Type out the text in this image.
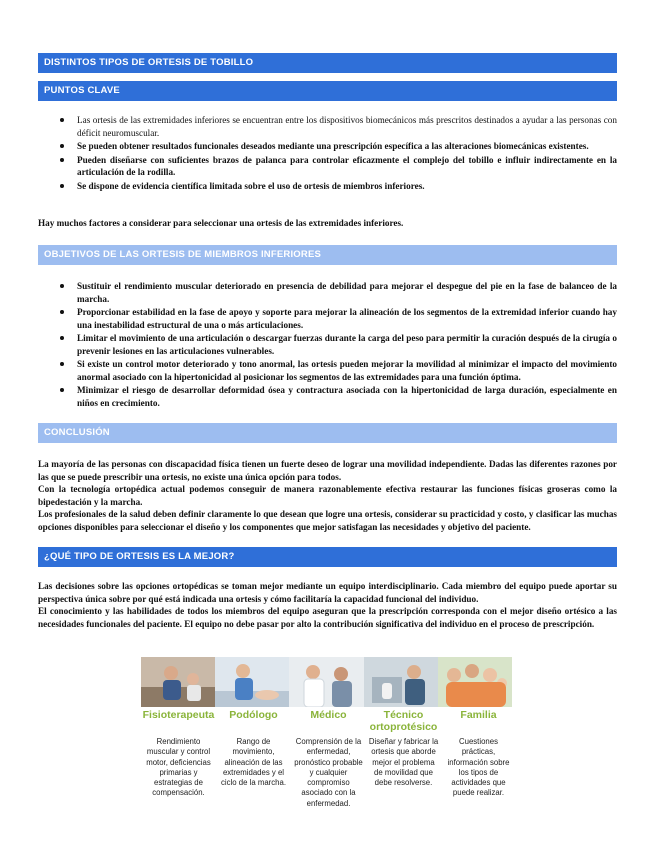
DISTINTOS TIPOS DE ORTESIS DE TOBILLO
PUNTOS CLAVE
Las ortesis de las extremidades inferiores se encuentran entre los dispositivos biomecánicos más prescritos destinados a ayudar a las personas con déficit neuromuscular.
Se pueden obtener resultados funcionales deseados mediante una prescripción específica a las alteraciones biomecánicas existentes.
Pueden diseñarse con suficientes brazos de palanca para controlar eficazmente el complejo del tobillo e influir indirectamente en la articulación de la rodilla.
Se dispone de evidencia científica limitada sobre el uso de ortesis de miembros inferiores.

Hay muchos factores a considerar para seleccionar una ortesis de las extremidades inferiores.

OBJETIVOS DE LAS ORTESIS DE MIEMBROS INFERIORES
Sustituir el rendimiento muscular deteriorado en presencia de debilidad para mejorar el despegue del pie en la fase de balanceo de la marcha.
Proporcionar estabilidad en la fase de apoyo y soporte para mejorar la alineación de los segmentos de la extremidad inferior cuando hay una inestabilidad estructural de una o más articulaciones.
Limitar el movimiento de una articulación o descargar fuerzas durante la carga del peso para permitir la curación después de la cirugía o prevenir lesiones en las articulaciones vulnerables.
Si existe un control motor deteriorado y tono anormal, las ortesis pueden mejorar la movilidad al minimizar el impacto del movimiento anormal asociado con la hipertonicidad al posicionar los segmentos de las extremidades para una función óptima.
Minimizar el riesgo de desarrollar deformidad ósea y contractura asociada con la hipertonicidad de larga duración, especialmente en niños en crecimiento.
CONCLUSIÓN

La mayoría de las personas con discapacidad física tienen un fuerte deseo de lograr una movilidad independiente. Dadas las diferentes razones por las que se puede prescribir una ortesis, no existe una única opción para todos.

Con la tecnología ortopédica actual podemos conseguir de manera razonablemente efectiva restaurar las funciones físicas groseras como la bipedestación y la marcha.

Los profesionales de la salud deben definir claramente lo que desean que logre una ortesis, considerar su practicidad y costo, y clasificar las muchas opciones disponibles para seleccionar el diseño y los componentes que mejor satisfagan las necesidades y objetivo del paciente.

¿QUÉ TIPO DE ORTESIS ES LA MEJOR?

Las decisiones sobre las opciones ortopédicas se toman mejor mediante un equipo interdisciplinario. Cada miembro del equipo puede aportar su perspectiva única sobre por qué está indicada una ortesis y cómo facilitaría la capacidad funcional del individuo.

El conocimiento y las habilidades de todos los miembros del equipo aseguran que la prescripción corresponda con el mejor diseño ortésico a las necesidades funcionales del paciente. El equipo no debe pasar por alto la contribución significativa del individuo en el proceso de prescripción.

Fisioterapeuta
Rendimiento muscular y control motor, deficiencias primarias y estrategias de compensación.
Podólogo
Rango de movimiento, alineación de las extremidades y el ciclo de la marcha.
Médico
Comprensión de la enfermedad, pronóstico probable y cualquier compromiso asociado con la enfermedad.
Técnico ortoprotésico
Diseñar y fabricar la ortesis que aborde mejor el problema de movilidad que debe resolverse.
Familia
Cuestiones prácticas, información sobre los tipos de actividades que puede realizar.
